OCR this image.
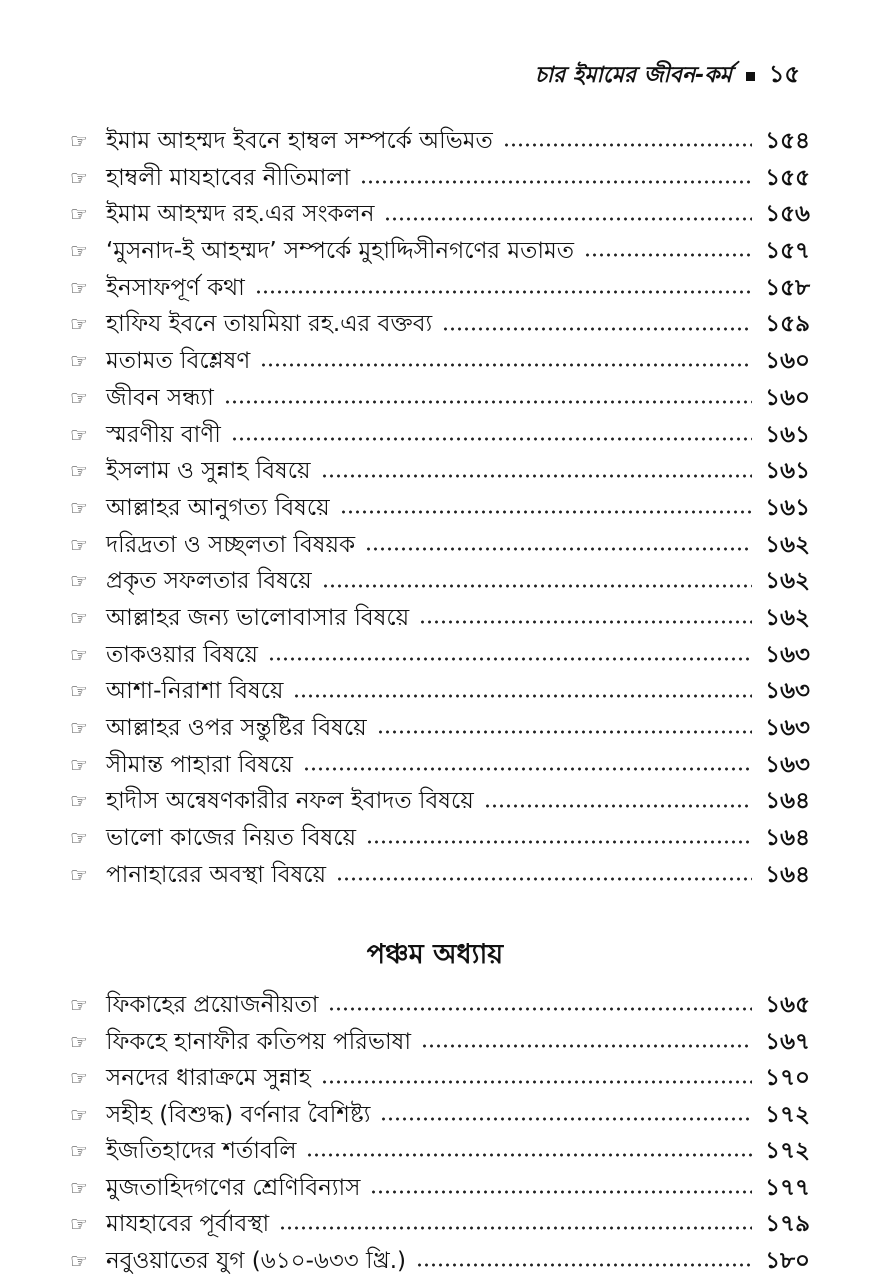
চার ইমামের জীবন-কর্ম ১৫
☞ ইমাম আহম্মদ ইবনে হাম্বল সম্পর্কে অভিমত	১৫৪
☞ হাম্বলী মাযহাবের নীতিমালা	১৫৫
☞ ইমাম আহম্মদ রহ.এর সংকলন	১৫৬
☞ ‘মুসনাদ-ই আহম্মদ’ সম্পর্কে মুহাদ্দিসীনগণের মতামত	১৫৭
☞ ইনসাফপূর্ণ কথা	১৫৮
☞ হাফিয ইবনে তায়মিয়া রহ.এর বক্তব্য	১৫৯
☞ মতামত বিশ্লেষণ	১৬০
☞ জীবন সন্ধ্যা	১৬০
☞ স্মরণীয় বাণী	১৬১
☞ ইসলাম ও সুন্নাহ বিষয়ে	১৬১
☞ আল্লাহর আনুগত্য বিষয়ে	১৬১
☞ দরিদ্রতা ও সচ্ছলতা বিষয়ক	১৬২
☞ প্রকৃত সফলতার বিষয়ে	১৬২
☞ আল্লাহর জন্য ভালোবাসার বিষয়ে	১৬২
☞ তাকওয়ার বিষয়ে	১৬৩
☞ আশা-নিরাশা বিষয়ে	১৬৩
☞ আল্লাহর ওপর সন্তুষ্টির বিষয়ে	১৬৩
☞ সীমান্ত পাহারা বিষয়ে	১৬৩
☞ হাদীস অন্বেষণকারীর নফল ইবাদত বিষয়ে	১৬৪
☞ ভালো কাজের নিয়ত বিষয়ে	১৬৪
☞ পানাহারের অবস্থা বিষয়ে	১৬৪
পঞ্চম অধ্যায়
☞ ফিকাহের প্রয়োজনীয়তা	১৬৫
☞ ফিকহে হানাফীর কতিপয় পরিভাষা	১৬৭
☞ সনদের ধারাক্রমে সুন্নাহ	১৭০
☞ সহীহ (বিশুদ্ধ) বর্ণনার বৈশিষ্ট্য	১৭২
☞ ইজতিহাদের শর্তাবলি	১৭২
☞ মুজতাহিদগণের শ্রেণিবিন্যাস	১৭৭
☞ মাযহাবের পূর্বাবস্থা	১৭৯
☞ নবুওয়াতের যুগ (৬১০-৬৩৩ খ্রি.)	১৮০
